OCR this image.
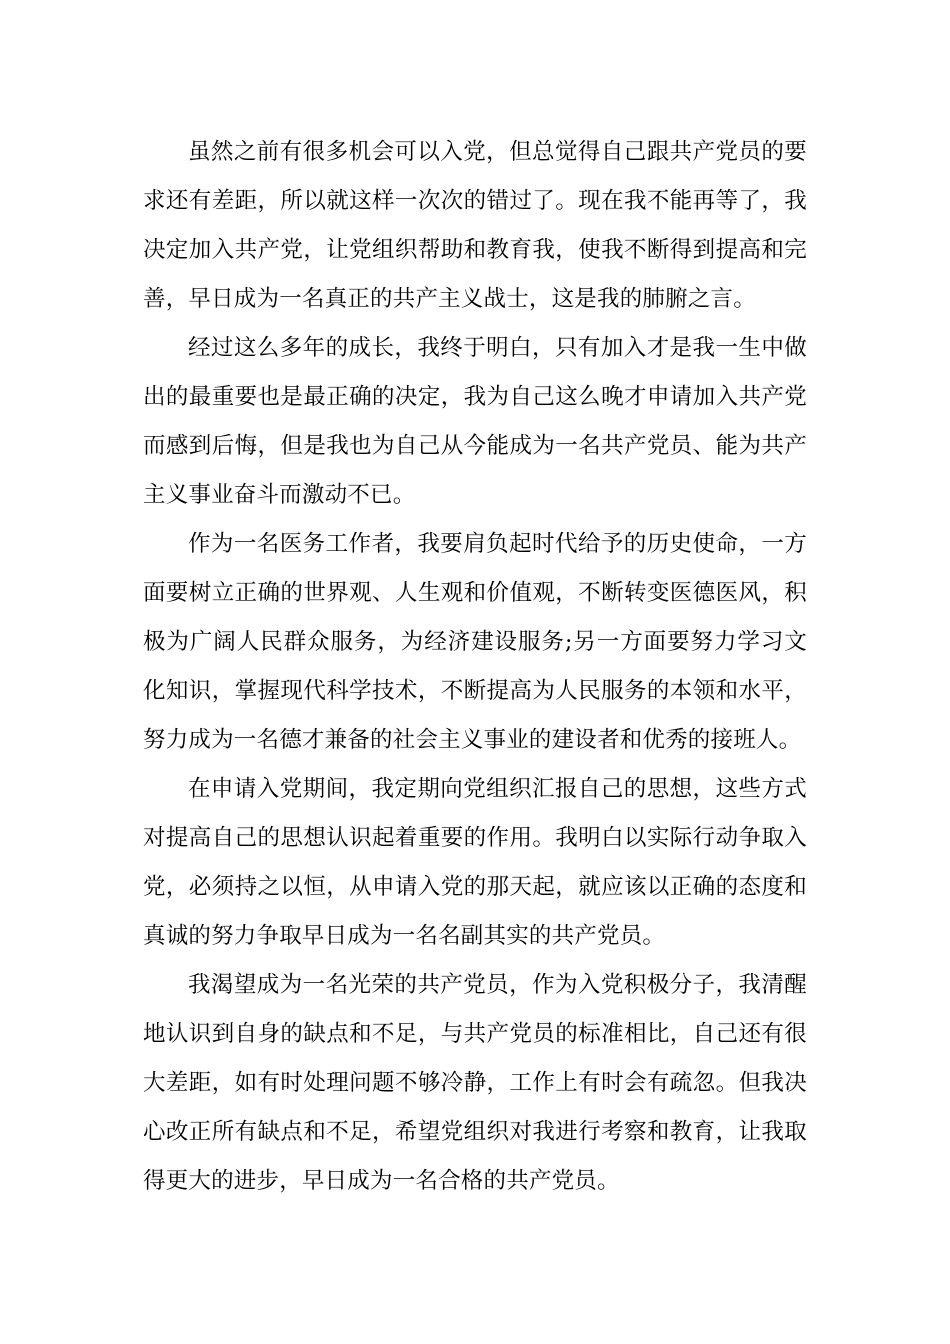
虽然之前有很多机会可以入党，但总觉得自己跟共产党员的要求还有差距，所以就这样一次次的错过了。现在我不能再等了，我决定加入共产党，让党组织帮助和教育我，使我不断得到提高和完善，早日成为一名真正的共产主义战士，这是我的肺腑之言。

经过这么多年的成长，我终于明白，只有加入才是我一生中做出的最重要也是最正确的决定，我为自己这么晚才申请加入共产党而感到后悔，但是我也为自己从今能成为一名共产党员、能为共产主义事业奋斗而激动不已。

作为一名医务工作者，我要肩负起时代给予的历史使命，一方面要树立正确的世界观、人生观和价值观，不断转变医德医风，积极为广阔人民群众服务，为经济建设服务;另一方面要努力学习文化知识，掌握现代科学技术，不断提高为人民服务的本领和水平，努力成为一名德才兼备的社会主义事业的建设者和优秀的接班人。

在申请入党期间，我定期向党组织汇报自己的思想，这些方式对提高自己的思想认识起着重要的作用。我明白以实际行动争取入党，必须持之以恒，从申请入党的那天起，就应该以正确的态度和真诚的努力争取早日成为一名名副其实的共产党员。

我渴望成为一名光荣的共产党员，作为入党积极分子，我清醒地认识到自身的缺点和不足，与共产党员的标准相比，自己还有很大差距，如有时处理问题不够冷静，工作上有时会有疏忽。但我决心改正所有缺点和不足，希望党组织对我进行考察和教育，让我取得更大的进步，早日成为一名合格的共产党员。
